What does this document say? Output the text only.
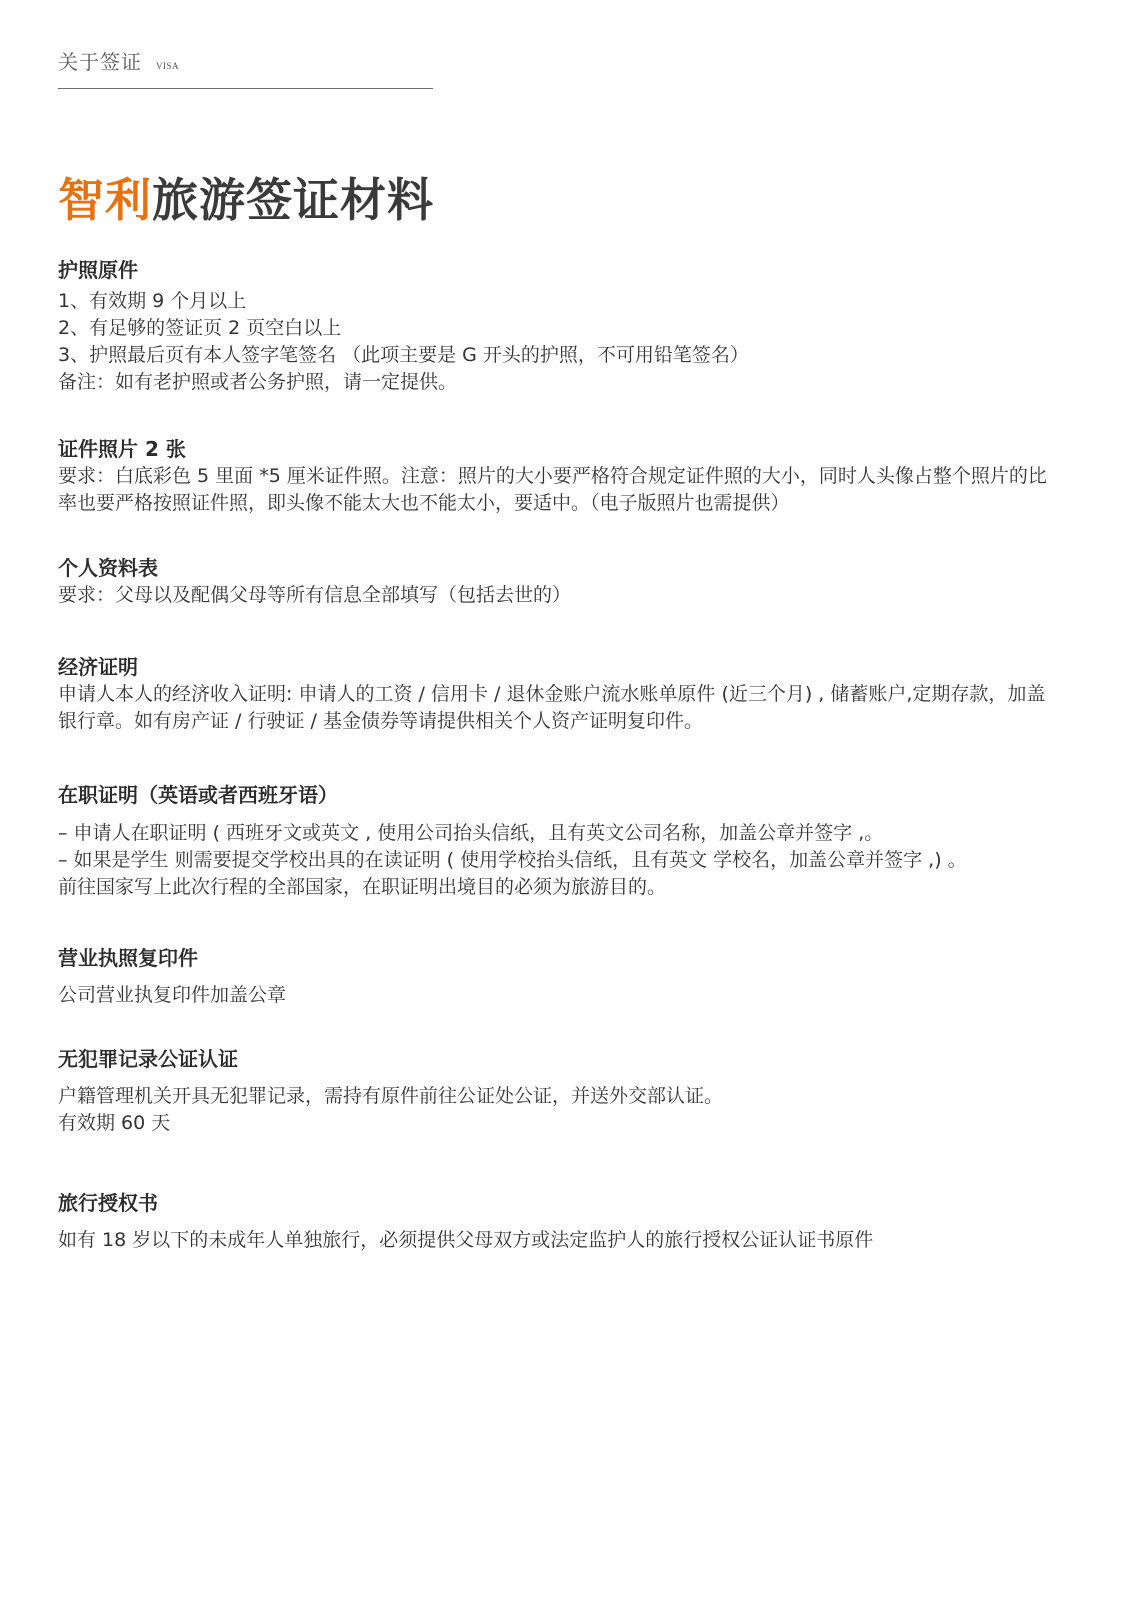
关于签证 VISA
智利旅游签证材料
护照原件

1、有效期 9 个月以上

2、有足够的签证页 2 页空白以上

3、护照最后页有本人签字笔签名 （此项主要是 G 开头的护照，不可用铅笔签名）

备注：如有老护照或者公务护照，请一定提供。

证件照片 2 张

要求：白底彩色 5 里面 *5 厘米证件照。注意：照片的大小要严格符合规定证件照的大小，同时人头像占整个照片的比率也要严格按照证件照，即头像不能太大也不能太小，要适中。（电子版照片也需提供）

个人资料表

要求：父母以及配偶父母等所有信息全部填写（包括去世的）

经济证明

申请人本人的经济收入证明: 申请人的工资 / 信用卡 / 退休金账户流水账单原件 (近三个月) , 储蓄账户,定期存款，加盖银行章。如有房产证 / 行驶证 / 基金债券等请提供相关个人资产证明复印件。

在职证明（英语或者西班牙语）

– 申请人在职证明 ( 西班牙文或英文 , 使用公司抬头信纸，且有英文公司名称，加盖公章并签字 ,。

– 如果是学生 则需要提交学校出具的在读证明 ( 使用学校抬头信纸，且有英文 学校名，加盖公章并签字 ,) 。

前往国家写上此次行程的全部国家，在职证明出境目的必须为旅游目的。

营业执照复印件

公司营业执复印件加盖公章

无犯罪记录公证认证

户籍管理机关开具无犯罪记录，需持有原件前往公证处公证，并送外交部认证。

有效期 60 天

旅行授权书

如有 18 岁以下的未成年人单独旅行，必须提供父母双方或法定监护人的旅行授权公证认证书原件
